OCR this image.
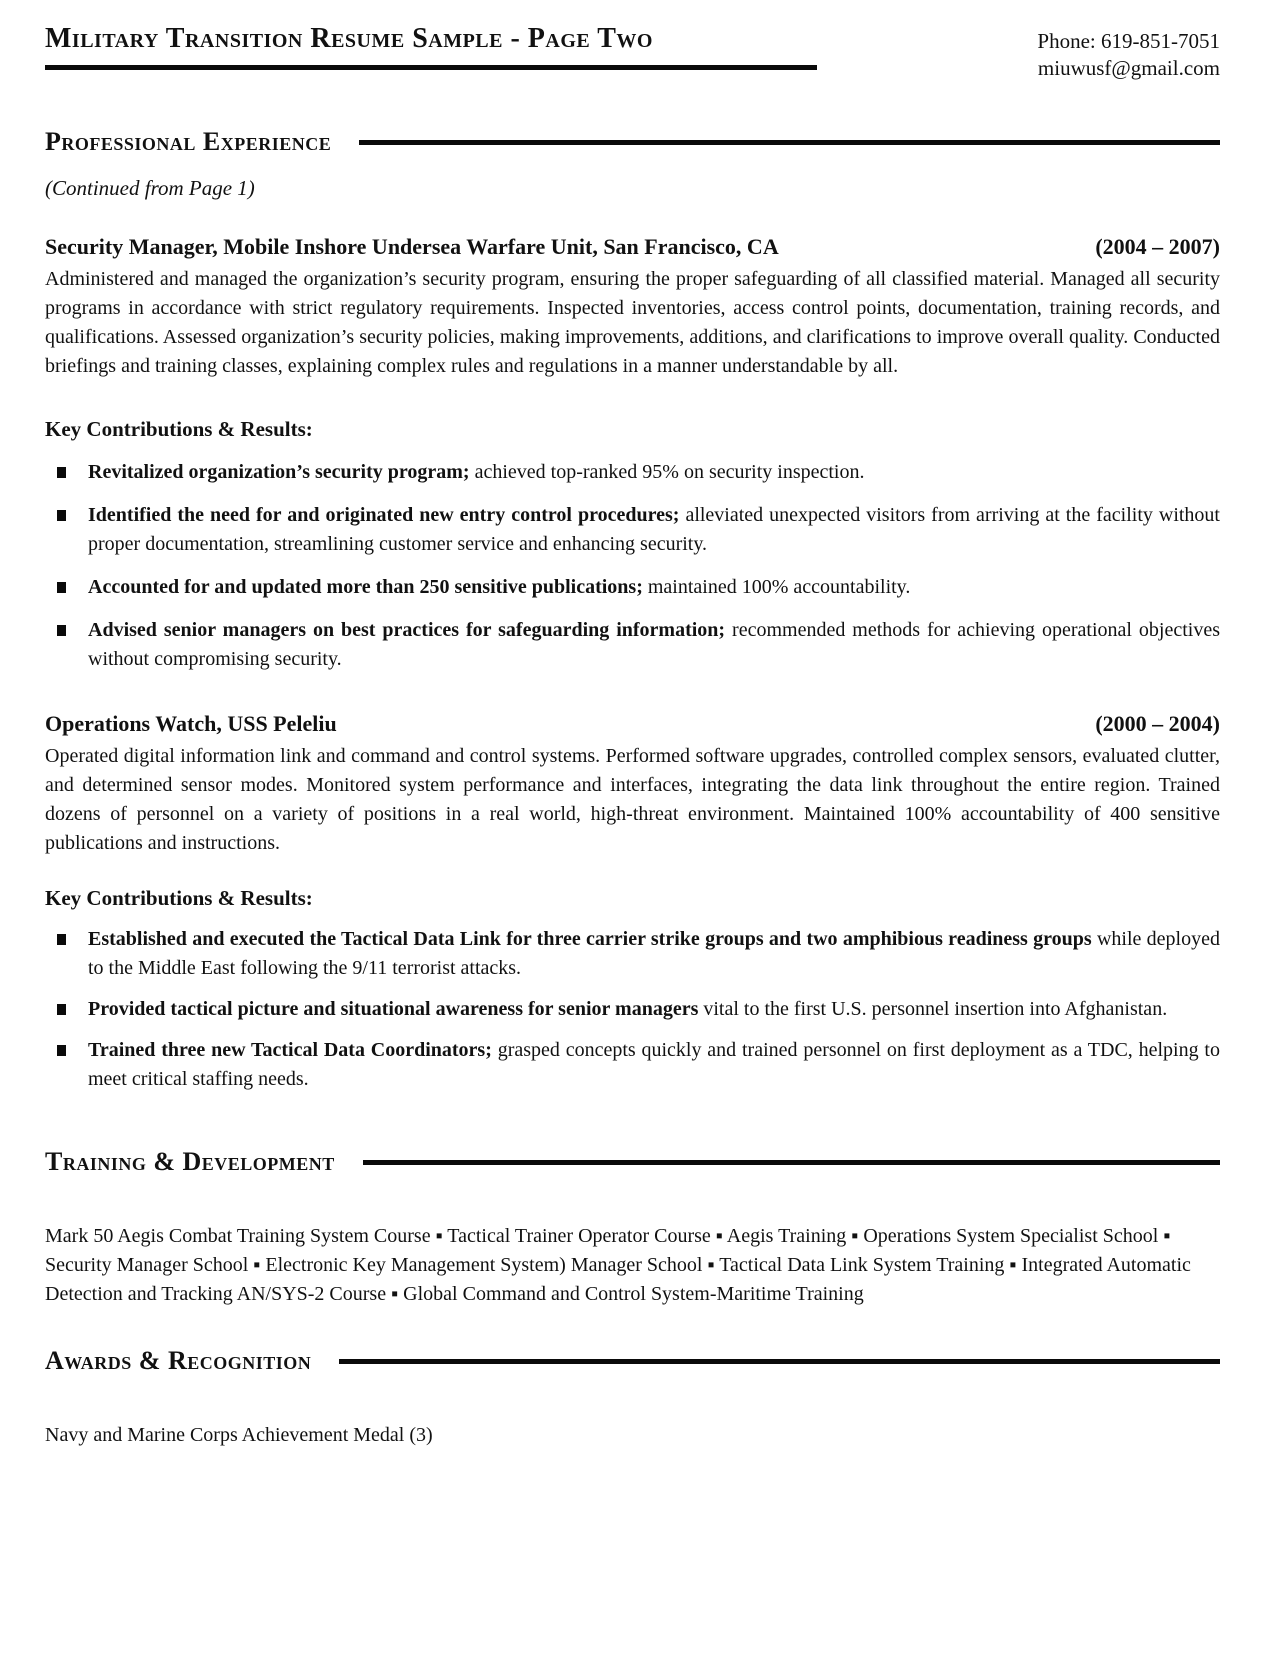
Military Transition Resume Sample - Page Two	Phone: 619-851-7051
miuwusf@gmail.com
Professional Experience
(Continued from Page 1)
Security Manager, Mobile Inshore Undersea Warfare Unit, San Francisco, CA	(2004 – 2007)
Administered and managed the organization’s security program, ensuring the proper safeguarding of all classified material. Managed all security programs in accordance with strict regulatory requirements. Inspected inventories, access control points, documentation, training records, and qualifications. Assessed organization’s security policies, making improvements, additions, and clarifications to improve overall quality. Conducted briefings and training classes, explaining complex rules and regulations in a manner understandable by all.
Key Contributions & Results:
Revitalized organization’s security program; achieved top-ranked 95% on security inspection.
Identified the need for and originated new entry control procedures; alleviated unexpected visitors from arriving at the facility without proper documentation, streamlining customer service and enhancing security.
Accounted for and updated more than 250 sensitive publications; maintained 100% accountability.
Advised senior managers on best practices for safeguarding information; recommended methods for achieving operational objectives without compromising security.
Operations Watch, USS Peleliu	(2000 – 2004)
Operated digital information link and command and control systems. Performed software upgrades, controlled complex sensors, evaluated clutter, and determined sensor modes. Monitored system performance and interfaces, integrating the data link throughout the entire region. Trained dozens of personnel on a variety of positions in a real world, high-threat environment. Maintained 100% accountability of 400 sensitive publications and instructions.
Key Contributions & Results:
Established and executed the Tactical Data Link for three carrier strike groups and two amphibious readiness groups while deployed to the Middle East following the 9/11 terrorist attacks.
Provided tactical picture and situational awareness for senior managers vital to the first U.S. personnel insertion into Afghanistan.
Trained three new Tactical Data Coordinators; grasped concepts quickly and trained personnel on first deployment as a TDC, helping to meet critical staffing needs.
Training & Development
Mark 50 Aegis Combat Training System Course ▪ Tactical Trainer Operator Course ▪ Aegis Training ▪ Operations System Specialist School ▪ Security Manager School ▪ Electronic Key Management System) Manager School ▪ Tactical Data Link System Training ▪ Integrated Automatic Detection and Tracking AN/SYS-2 Course ▪ Global Command and Control System-Maritime Training
Awards & Recognition
Navy and Marine Corps Achievement Medal (3)
